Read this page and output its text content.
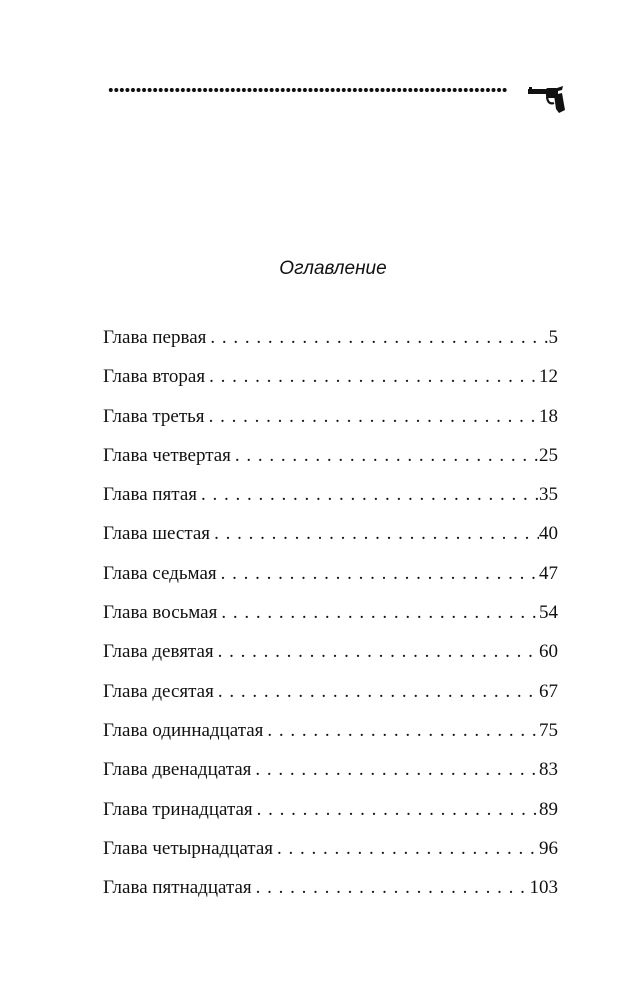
Оглавление
Глава первая . . .	5
Глава вторая . . .	12
Глава третья . . .	18
Глава четвертая . . .	25
Глава пятая . . .	35
Глава шестая . . .	40
Глава седьмая . . .	47
Глава восьмая . . .	54
Глава девятая . . .	60
Глава десятая . . .	67
Глава одиннадцатая . . .	75
Глава двенадцатая . . .	83
Глава тринадцатая . . .	89
Глава четырнадцатая . . .	96
Глава пятнадцатая . . .	103
